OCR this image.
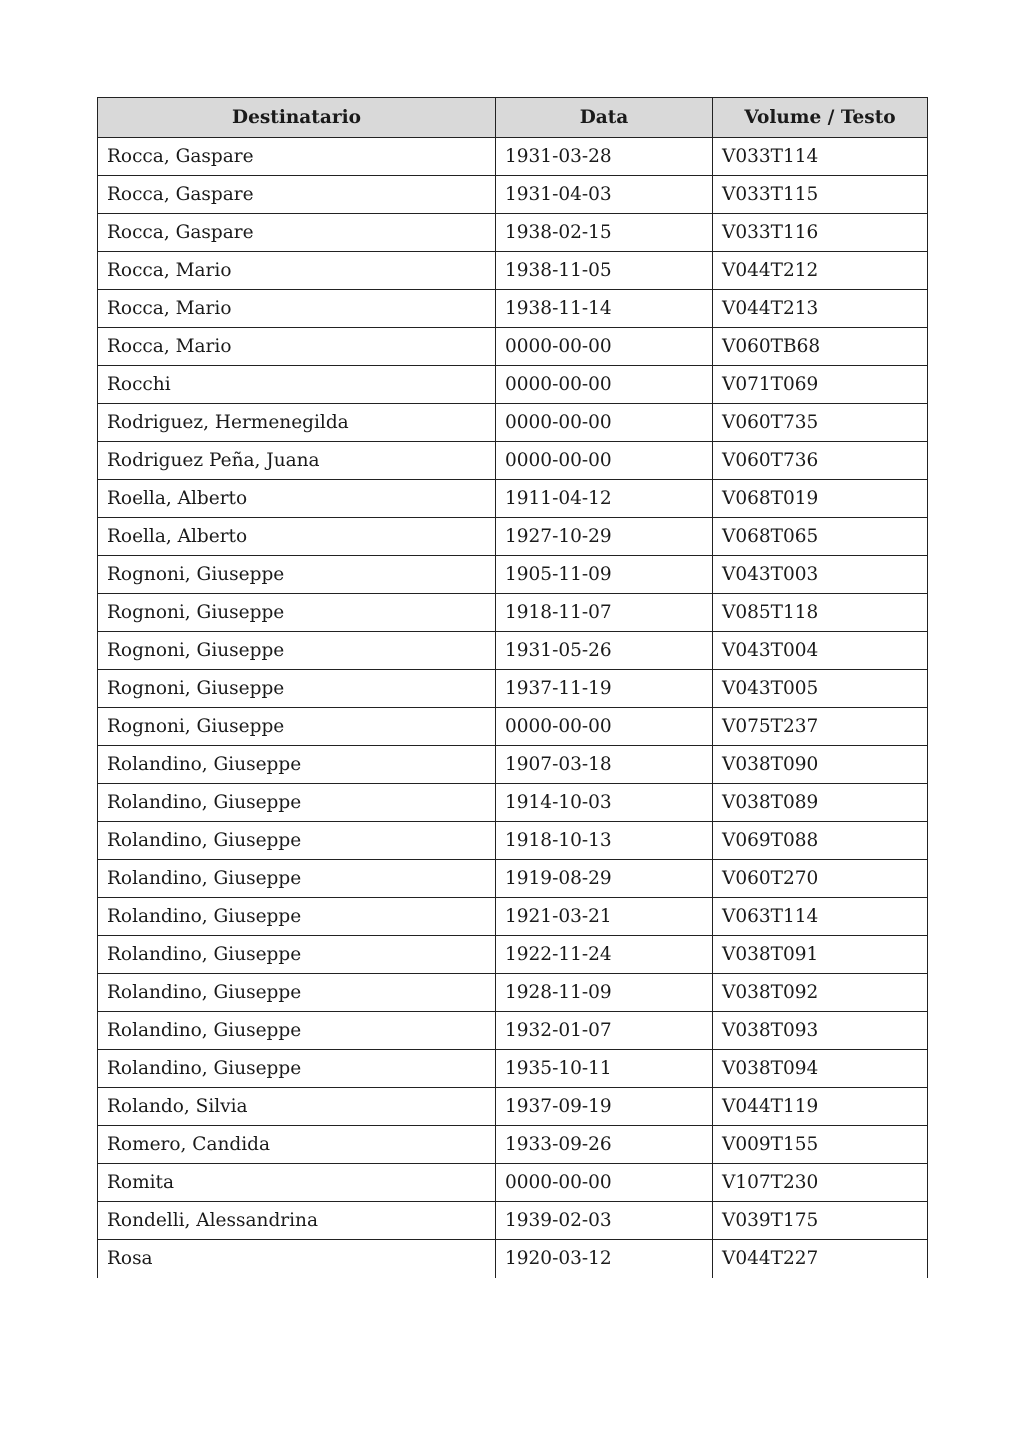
Destinatario	Data	Volume / Testo
Rocca, Gaspare	1931-03-28	V033T114
Rocca, Gaspare	1931-04-03	V033T115
Rocca, Gaspare	1938-02-15	V033T116
Rocca, Mario	1938-11-05	V044T212
Rocca, Mario	1938-11-14	V044T213
Rocca, Mario	0000-00-00	V060TB68
Rocchi	0000-00-00	V071T069
Rodriguez, Hermenegilda	0000-00-00	V060T735
Rodriguez Peña, Juana	0000-00-00	V060T736
Roella, Alberto	1911-04-12	V068T019
Roella, Alberto	1927-10-29	V068T065
Rognoni, Giuseppe	1905-11-09	V043T003
Rognoni, Giuseppe	1918-11-07	V085T118
Rognoni, Giuseppe	1931-05-26	V043T004
Rognoni, Giuseppe	1937-11-19	V043T005
Rognoni, Giuseppe	0000-00-00	V075T237
Rolandino, Giuseppe	1907-03-18	V038T090
Rolandino, Giuseppe	1914-10-03	V038T089
Rolandino, Giuseppe	1918-10-13	V069T088
Rolandino, Giuseppe	1919-08-29	V060T270
Rolandino, Giuseppe	1921-03-21	V063T114
Rolandino, Giuseppe	1922-11-24	V038T091
Rolandino, Giuseppe	1928-11-09	V038T092
Rolandino, Giuseppe	1932-01-07	V038T093
Rolandino, Giuseppe	1935-10-11	V038T094
Rolando, Silvia	1937-09-19	V044T119
Romero, Candida	1933-09-26	V009T155
Romita	0000-00-00	V107T230
Rondelli, Alessandrina	1939-02-03	V039T175
Rosa	1920-03-12	V044T227
